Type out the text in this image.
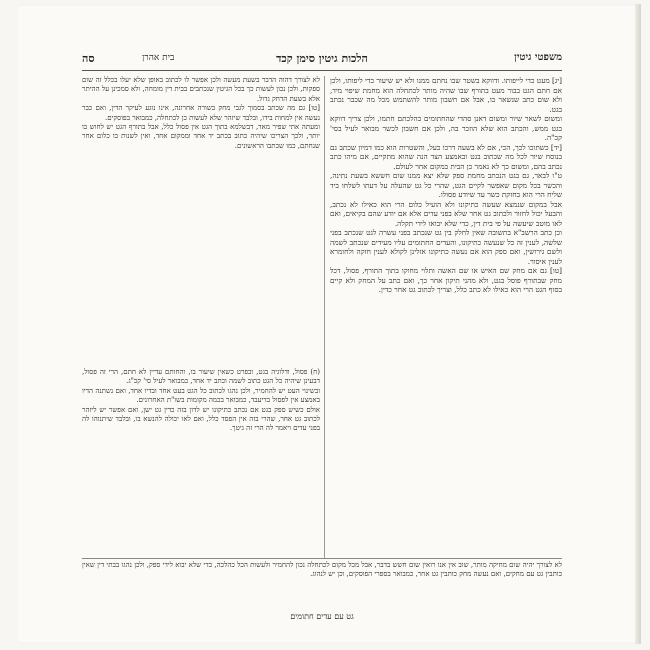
משפטי גיטין
הלכות גיטין סימן קכד
בית אהרן
סה

[יג] מעט כדי לייפותו. ודווקא בשטר שבו נחתם ממנו ולא יש שיעור כדי ליפותו, ולכן אם חתם הגט בבור מעט בתורף שבו שהיה מותר לכתחלה הוא מחמת שיפוי מיד, ולא שום כתב שנשאר בו, אבל אם חשבון מותר להשתמש מכל מה שכבר נכתב בגט.

ומשום לשאר שיור ומשום דאנן סהדי שהחתומים כהלכתם חתמו, ולכן צריך דווקא בגט ממש, והכתב הוא שלא הוזכר בה, ולכן אם חשבון לכשר מבואר לעיל בסי' קכ"ה.

[יד] כשתוכו לכך, הכי, אם לא בשעה דרכו כעל, והשטרות הוא כמו דמיון שכתב גם בנוסח שיור לכל מה שכתוב בגט ובאמצע הצד הנה שהוא מתקיים, אם מיהו כתב נכתב בהם, ומשום כך לא נאמר כן הבית במקום אחר לעולם.

ט"ו לבאר, גם בגט הנכתב מחמת ספק שלא יצא ממנו שום חששא בשעת נתינה, והכשר בכל מקום שאפשר לקיים הגט, שהרי כל גט שהעלה על דעתו לשלחו ביד שליח הרי הוא בחזקת כשר עד שיודע פסולו.

אבל במקום שנמצא שעשה כתיקונו ולא הועיל כלום הרי הוא כאילו לא נכתב, והבעל יכול לחזור ולכתוב גט אחר שלא בפני עדים אלא אם יודע שהם בקיאים, ואם לאו מוטב שיעשה על פי בית דין, כדי שלא יבואו לידי תקלה.

וכן כתב הרשב"א בתשובה שאין לחלק בין גט שנכתב בפני עשרה לגט שנכתב בפני שלשה, לענין זה כל שנעשה כתיקונו, והעדים החתומים עליו מעידים שנכתב לשמה ולשם גירושין, ואם ספק הוא אם נעשה כתיקונו אזלינן לקולא לענין חזקה ולחומרא לענין איסור.

[טו] גם אם מחק שם האיש או שם האשה ותלוי מחוקו בתוך התורף, פסול, דכל מחק שבתורף פוסל בגט, ולא מהני תיקון אחר כך, ואם כתב על המחק ולא קיים בסוף הגט הרי הוא כאילו לא כתב כלל, וצריך לכתוב גט אחר כדין.

לא לצורך דהוה הדבר בשעת מעשה ולכן אפשר לו לכתוב באופן שלא יעלו בכלל זה שום ספקות, ולכן נכון לעשות כך בכל הגיטין שנכתבים בבית דין מומחה, ולא סמכינן על ההיתר אלא בשעת הדחק גדול.

[טו] גם מה שכתב בסמוך לגבי מחק בשורה אחרונה, אינו נוגע לעיקר הדין, ואם כבר נעשה אין למחות בידו, ובלבד שיזהר שלא לעשות כן לכתחלה, כמבואר בפוסקים.

ומעתה אתי שפיר מאד, דבשלמא בתוך הגט אין פסול כלל, אבל בתורף הגט יש לחוש בו יותר, ולכך הצריכו שיהיה כתוב בכתב יד אחד וממקום אחד, ואין לשנות בו כלום אחר שנחתם, כמו שכתבו הראשונים.

(ח) פסול, ודלוגיה בגט, ובפרט כשאין שיעור בו, והחותם עדיין לא חתם, הרי זה פסול, דבעינן שיהיה כל הגט כתוב לשמה וכתב יד אחד, כמבואר לעיל סי' קכ"ג.

ובשינוי העט יש להחמיר, ולכן נהגו לכתוב כל הגט בעט אחד ובדיו אחד, ואם נשתנה הדיו באמצע אין לפסול בדיעבד, כמבואר בכמה מקומות בשו"ת האחרונים.

אולם כשיש ספק בגט אם נכתב כתיקונו יש לדון בזה כדין גט ישן, ואם אפשר יש ליזהר לכתוב גט אחר, שהרי בזה אין הפסד כלל, ואם לאו יכולה להנשא בו, ובלבד שיתנוהו לה בפני עדים ויאמר לה הרי זה גיטך.

לא לצורך יהיה שום מחיקה מותר, שוב אין אנו רואין שום חשש בדבר, אבל מכל מקום לכתחלה נכון להחמיר ולעשות הכל כהלכה, כדי שלא יבוא לידי ספק, ולכן נהגו בבתי דין שאין כותבין גט עם מחקים, ואם נעשה מחק כותבין גט אחר, כמבואר בספרי הפוסקים, וכן יש לנהוג.
גט עם עדים חתומים
